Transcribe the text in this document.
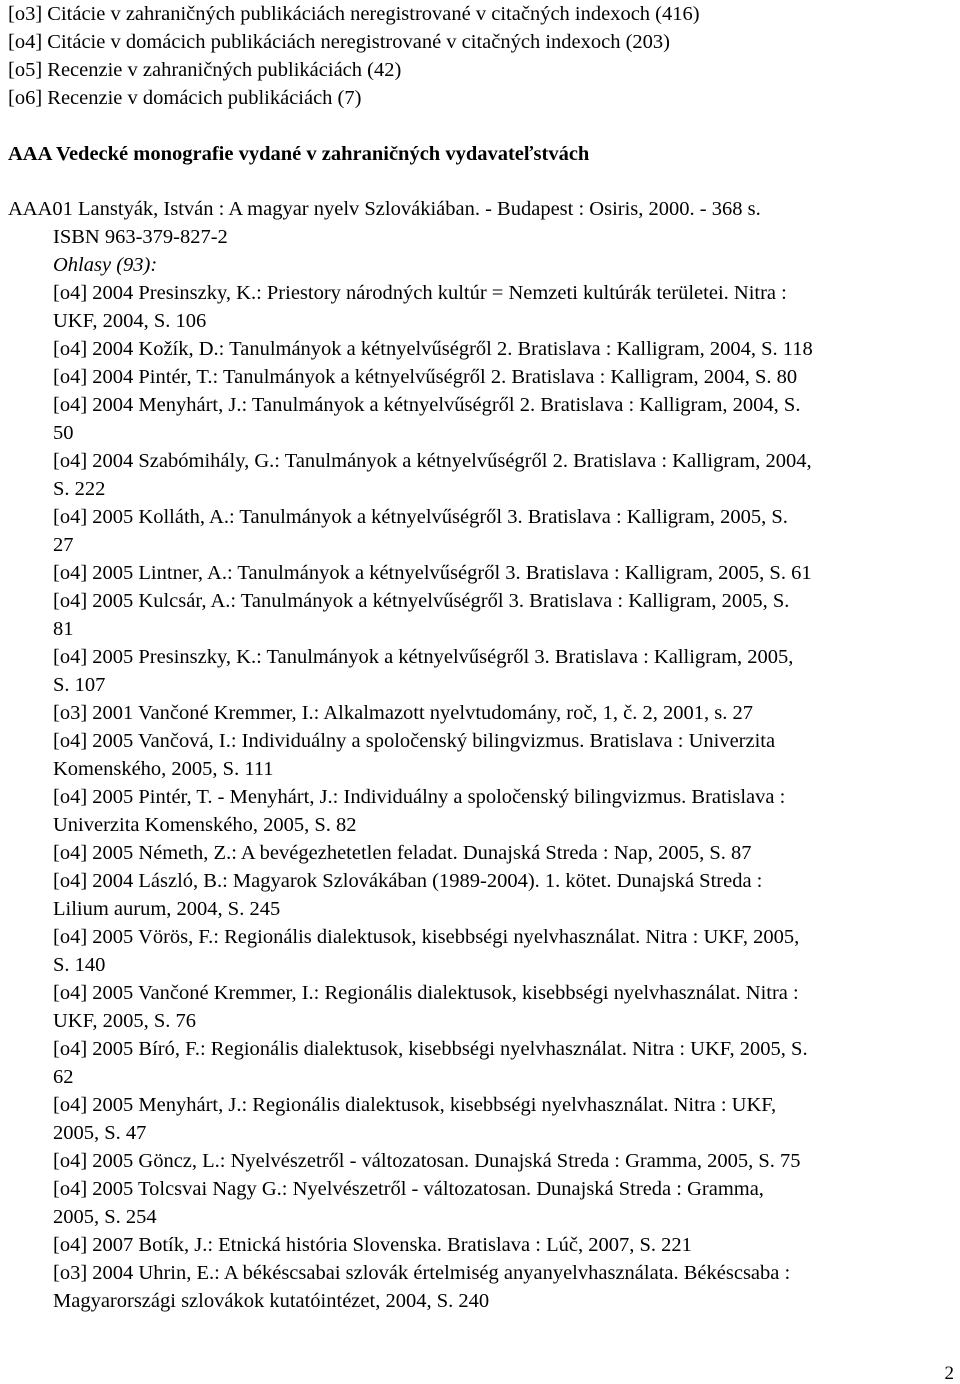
[o3] Citácie v zahraničných publikáciách neregistrované v citačných indexoch (416)
[o4] Citácie v domácich publikáciách neregistrované v citačných indexoch (203)
[o5] Recenzie v zahraničných publikáciách (42)
[o6] Recenzie v domácich publikáciách (7)
AAA Vedecké monografie vydané v zahraničných vydavateľstvách
AAA01 Lanstyák, István : A magyar nyelv Szlovákiában. - Budapest : Osiris, 2000. - 368 s.
ISBN 963-379-827-2
Ohlasy (93):
[o4] 2004 Presinszky, K.: Priestory národných kultúr = Nemzeti kultúrák területei. Nitra :
UKF, 2004, S. 106
[o4] 2004 Kožík, D.: Tanulmányok a kétnyelvűségről 2. Bratislava : Kalligram, 2004, S. 118
[o4] 2004 Pintér, T.: Tanulmányok a kétnyelvűségről 2. Bratislava : Kalligram, 2004, S. 80
[o4] 2004 Menyhárt, J.: Tanulmányok a kétnyelvűségről 2. Bratislava : Kalligram, 2004, S.
50
[o4] 2004 Szabómihály, G.: Tanulmányok a kétnyelvűségről 2. Bratislava : Kalligram, 2004,
S. 222
[o4] 2005 Kolláth, A.: Tanulmányok a kétnyelvűségről 3. Bratislava : Kalligram, 2005, S.
27
[o4] 2005 Lintner, A.: Tanulmányok a kétnyelvűségről 3. Bratislava : Kalligram, 2005, S. 61
[o4] 2005 Kulcsár, A.: Tanulmányok a kétnyelvűségről 3. Bratislava : Kalligram, 2005, S.
81
[o4] 2005 Presinszky, K.: Tanulmányok a kétnyelvűségről 3. Bratislava : Kalligram, 2005,
S. 107
[o3] 2001 Vančoné Kremmer, I.: Alkalmazott nyelvtudomány, roč, 1, č. 2, 2001, s. 27
[o4] 2005 Vančová, I.: Individuálny a spoločenský bilingvizmus. Bratislava : Univerzita
Komenského, 2005, S. 111
[o4] 2005 Pintér, T. - Menyhárt, J.: Individuálny a spoločenský bilingvizmus. Bratislava :
Univerzita Komenského, 2005, S. 82
[o4] 2005 Németh, Z.: A bevégezhetetlen feladat. Dunajská Streda : Nap, 2005, S. 87
[o4] 2004 László, B.: Magyarok Szlovákában (1989-2004). 1. kötet. Dunajská Streda :
Lilium aurum, 2004, S. 245
[o4] 2005 Vörös, F.: Regionális dialektusok, kisebbségi nyelvhasználat. Nitra : UKF, 2005,
S. 140
[o4] 2005 Vančoné Kremmer, I.: Regionális dialektusok, kisebbségi nyelvhasználat. Nitra :
UKF, 2005, S. 76
[o4] 2005 Bíró, F.: Regionális dialektusok, kisebbségi nyelvhasználat. Nitra : UKF, 2005, S.
62
[o4] 2005 Menyhárt, J.: Regionális dialektusok, kisebbségi nyelvhasználat. Nitra : UKF,
2005, S. 47
[o4] 2005 Göncz, L.: Nyelvészetről - változatosan. Dunajská Streda : Gramma, 2005, S. 75
[o4] 2005 Tolcsvai Nagy G.: Nyelvészetről - változatosan. Dunajská Streda : Gramma,
2005, S. 254
[o4] 2007 Botík, J.: Etnická história Slovenska. Bratislava : Lúč, 2007, S. 221
[o3] 2004 Uhrin, E.: A békéscsabai szlovák értelmiség anyanyelvhasználata. Békéscsaba :
Magyarországi szlovákok kutatóintézet, 2004, S. 240
2
